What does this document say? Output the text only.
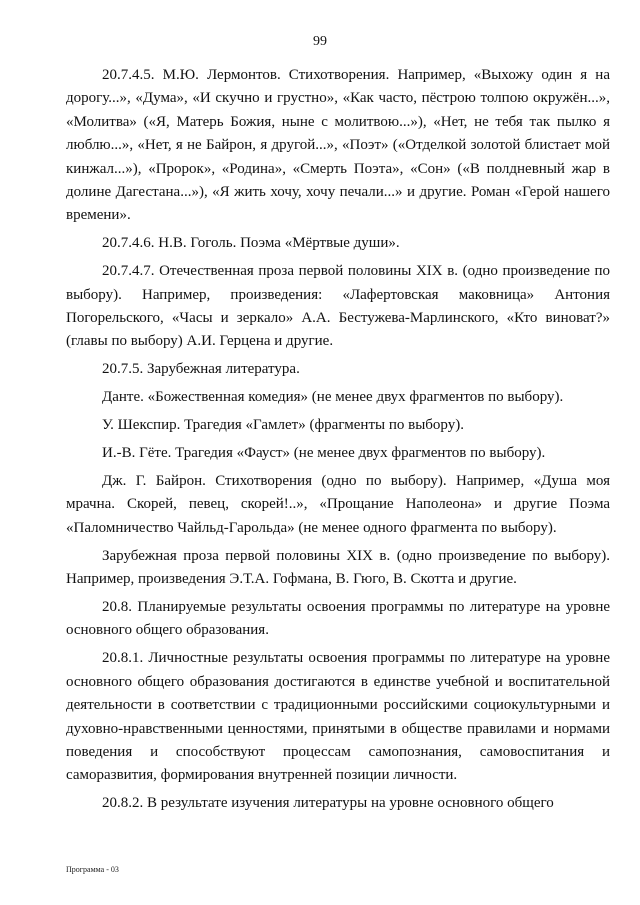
99

20.7.4.5. М.Ю. Лермонтов. Стихотворения. Например, «Выхожу один я на дорогу...», «Дума», «И скучно и грустно», «Как часто, пёстрою толпою окружён...», «Молитва» («Я, Матерь Божия, ныне с молитвою...»), «Нет, не тебя так пылко я люблю...», «Нет, я не Байрон, я другой...», «Поэт» («Отделкой золотой блистает мой кинжал...»), «Пророк», «Родина», «Смерть Поэта», «Сон» («В полдневный жар в долине Дагестана...»), «Я жить хочу, хочу печали...» и другие. Роман «Герой нашего времени».

20.7.4.6. Н.В. Гоголь. Поэма «Мёртвые души».

20.7.4.7. Отечественная проза первой половины XIX в. (одно произведение по выбору). Например, произведения: «Лафертовская маковница» Антония Погорельского, «Часы и зеркало» А.А. Бестужева-Марлинского, «Кто виноват?» (главы по выбору) А.И. Герцена и другие.

20.7.5. Зарубежная литература.

Данте. «Божественная комедия» (не менее двух фрагментов по выбору).

У. Шекспир. Трагедия «Гамлет» (фрагменты по выбору).

И.-В. Гёте. Трагедия «Фауст» (не менее двух фрагментов по выбору).

Дж. Г. Байрон. Стихотворения (одно по выбору). Например, «Душа моя мрачна. Скорей, певец, скорей!..», «Прощание Наполеона» и другие Поэма «Паломничество Чайльд-Гарольда» (не менее одного фрагмента по выбору).

Зарубежная проза первой половины XIX в. (одно произведение по выбору). Например, произведения Э.Т.А. Гофмана, В. Гюго, В. Скотта и другие.

20.8. Планируемые результаты освоения программы по литературе на уровне основного общего образования.

20.8.1. Личностные результаты освоения программы по литературе на уровне основного общего образования достигаются в единстве учебной и воспитательной деятельности в соответствии с традиционными российскими социокультурными и духовно-нравственными ценностями, принятыми в обществе правилами и нормами поведения и способствуют процессам самопознания, самовоспитания и саморазвития, формирования внутренней позиции личности.

20.8.2. В результате изучения литературы на уровне основного общего

Программа - 03
